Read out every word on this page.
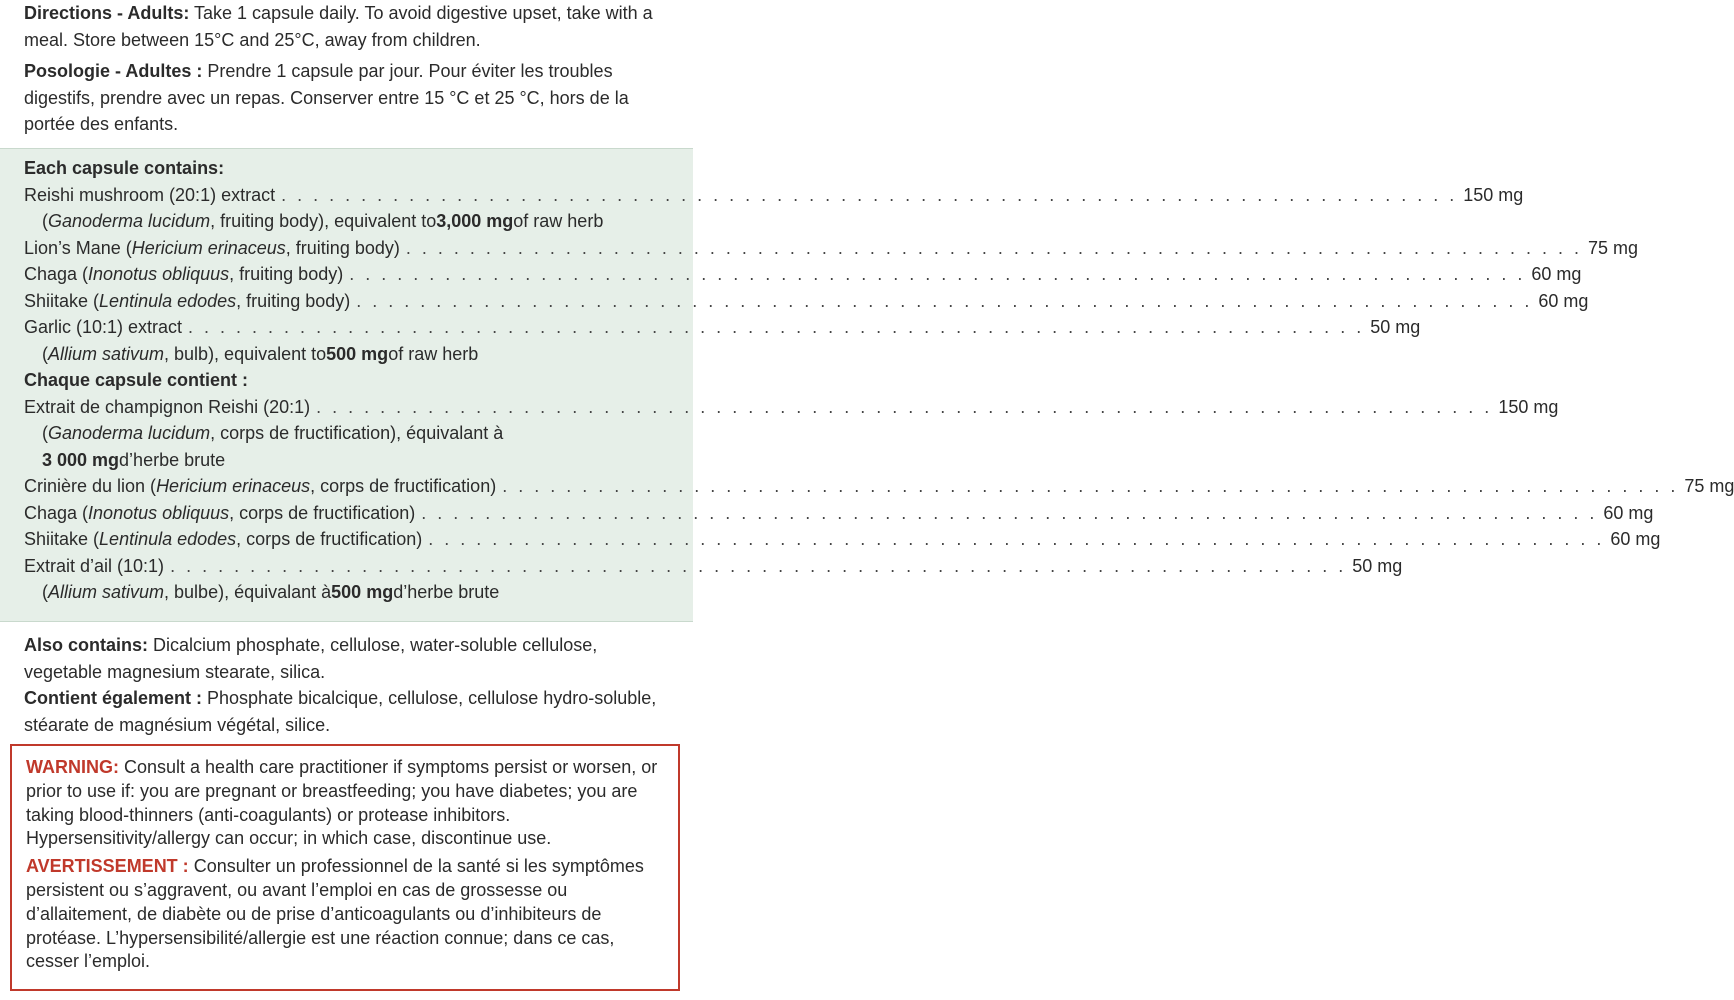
Directions - Adults: Take 1 capsule daily. To avoid digestive upset, take with a meal. Store between 15°C and 25°C, away from children.
Posologie - Adultes : Prendre 1 capsule par jour. Pour éviter les troubles digestifs, prendre avec un repas. Conserver entre 15 °C et 25 °C, hors de la portée des enfants.
Each capsule contains:
Reishi mushroom (20:1) extract . . . . . . . . . . . . . . . . . . . . . . . . . . . . . . . . . . . . . . . . . . . . . . . . . . . . . . . . . . . . . . . . . . . . . . . . . . 150 mg
( Ganoderma lucidum , fruiting body), equivalent to 3,000 mg of raw herb
Lion’s Mane (Hericium erinaceus, fruiting body) . . . . . . . . . . . . . . . . . . . . . . . . . . . . . . . . . . . . . . . . . . . . . . . . . . . . . . . . . . . . . . . . . . . . . . . . . . 75 mg
Chaga (Inonotus obliquus, fruiting body) . . . . . . . . . . . . . . . . . . . . . . . . . . . . . . . . . . . . . . . . . . . . . . . . . . . . . . . . . . . . . . . . . . . . . . . . . . 60 mg
Shiitake (Lentinula edodes, fruiting body) . . . . . . . . . . . . . . . . . . . . . . . . . . . . . . . . . . . . . . . . . . . . . . . . . . . . . . . . . . . . . . . . . . . . . . . . . . 60 mg
Garlic (10:1) extract . . . . . . . . . . . . . . . . . . . . . . . . . . . . . . . . . . . . . . . . . . . . . . . . . . . . . . . . . . . . . . . . . . . . . . . . . . 50 mg
( Allium sativum , bulb), equivalent to 500 mg of raw herb
Chaque capsule contient :
Extrait de champignon Reishi (20:1) . . . . . . . . . . . . . . . . . . . . . . . . . . . . . . . . . . . . . . . . . . . . . . . . . . . . . . . . . . . . . . . . . . . . . . . . . . 150 mg
( Ganoderma lucidum , corps de fructification), équivalant à
3 000 mg d’herbe brute
Crinière du lion (Hericium erinaceus, corps de fructification) . . . . . . . . . . . . . . . . . . . . . . . . . . . . . . . . . . . . . . . . . . . . . . . . . . . . . . . . . . . . . . . . . . . . . . . . . . 75 mg
Chaga (Inonotus obliquus, corps de fructification) . . . . . . . . . . . . . . . . . . . . . . . . . . . . . . . . . . . . . . . . . . . . . . . . . . . . . . . . . . . . . . . . . . . . . . . . . . 60 mg
Shiitake (Lentinula edodes, corps de fructification) . . . . . . . . . . . . . . . . . . . . . . . . . . . . . . . . . . . . . . . . . . . . . . . . . . . . . . . . . . . . . . . . . . . . . . . . . . 60 mg
Extrait d’ail (10:1) . . . . . . . . . . . . . . . . . . . . . . . . . . . . . . . . . . . . . . . . . . . . . . . . . . . . . . . . . . . . . . . . . . . . . . . . . . 50 mg
( Allium sativum , bulbe), équivalant à 500 mg d’herbe brute
Also contains: Dicalcium phosphate, cellulose, water-soluble cellulose, vegetable magnesium stearate, silica.
Contient également : Phosphate bicalcique, cellulose, cellulose hydro-soluble, stéarate de magnésium végétal, silice.
WARNING: Consult a health care practitioner if symptoms persist or worsen, or prior to use if: you are pregnant or breastfeeding; you have diabetes; you are taking blood-thinners (anti-coagulants) or protease inhibitors. Hypersensitivity/allergy can occur; in which case, discontinue use.
AVERTISSEMENT : Consulter un professionnel de la santé si les symptômes persistent ou s’aggravent, ou avant l’emploi en cas de grossesse ou d’allaitement, de diabète ou de prise d’anticoagulants ou d’inhibiteurs de protéase. L’hypersensibilité/allergie est une réaction connue; dans ce cas, cesser l’emploi.
